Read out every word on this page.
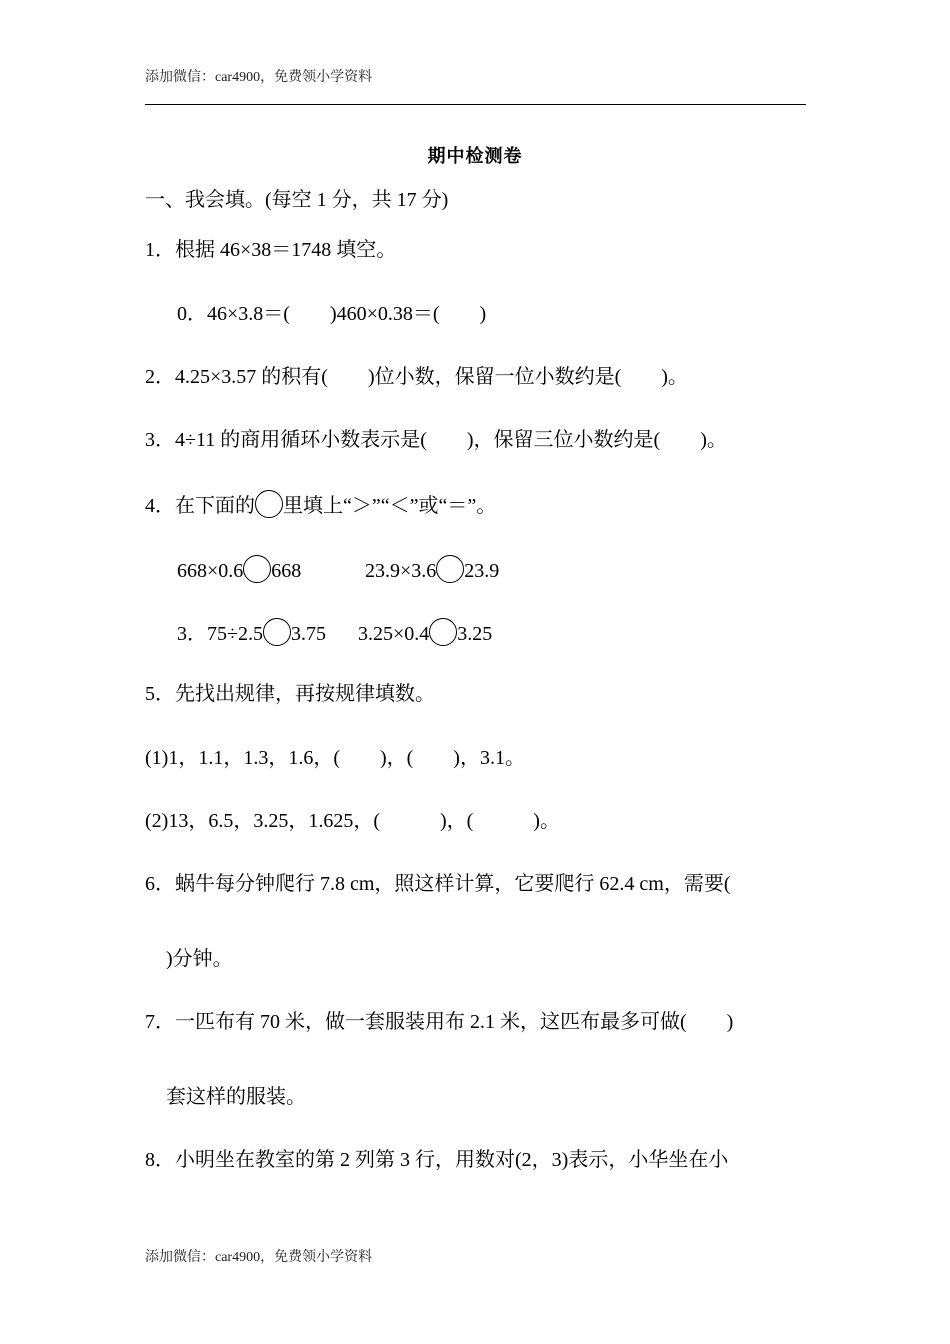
添加微信：car4900，免费领小学资料
期中检测卷
一、我会填。(每空 1 分，共 17 分)
1．根据 46×38＝1748 填空。
0．46×3.8＝(　　)460×0.38＝(　　)
2．4.25×3.57 的积有(　　)位小数，保留一位小数约是(　　)。
3．4÷11 的商用循环小数表示是(　　)，保留三位小数约是(　　)。
4．在下面的 里填上“＞”“＜”或“＝”。
668×0.6 668	23.9×3.6 23.9
3．75÷2.5 3.75 3.25×0.4 3.25
5．先找出规律，再按规律填数。
(1)1，1.1，1.3，1.6，(　　)，(　　)，3.1。
(2)13，6.5，3.25，1.625，(　　　)，(　　　)。
6．蜗牛每分钟爬行 7.8 cm，照这样计算，它要爬行 62.4 cm，需要(
)分钟。
7．一匹布有 70 米，做一套服装用布 2.1 米，这匹布最多可做(　　)
套这样的服装。
8．小明坐在教室的第 2 列第 3 行，用数对(2，3)表示，小华坐在小
添加微信：car4900，免费领小学资料
